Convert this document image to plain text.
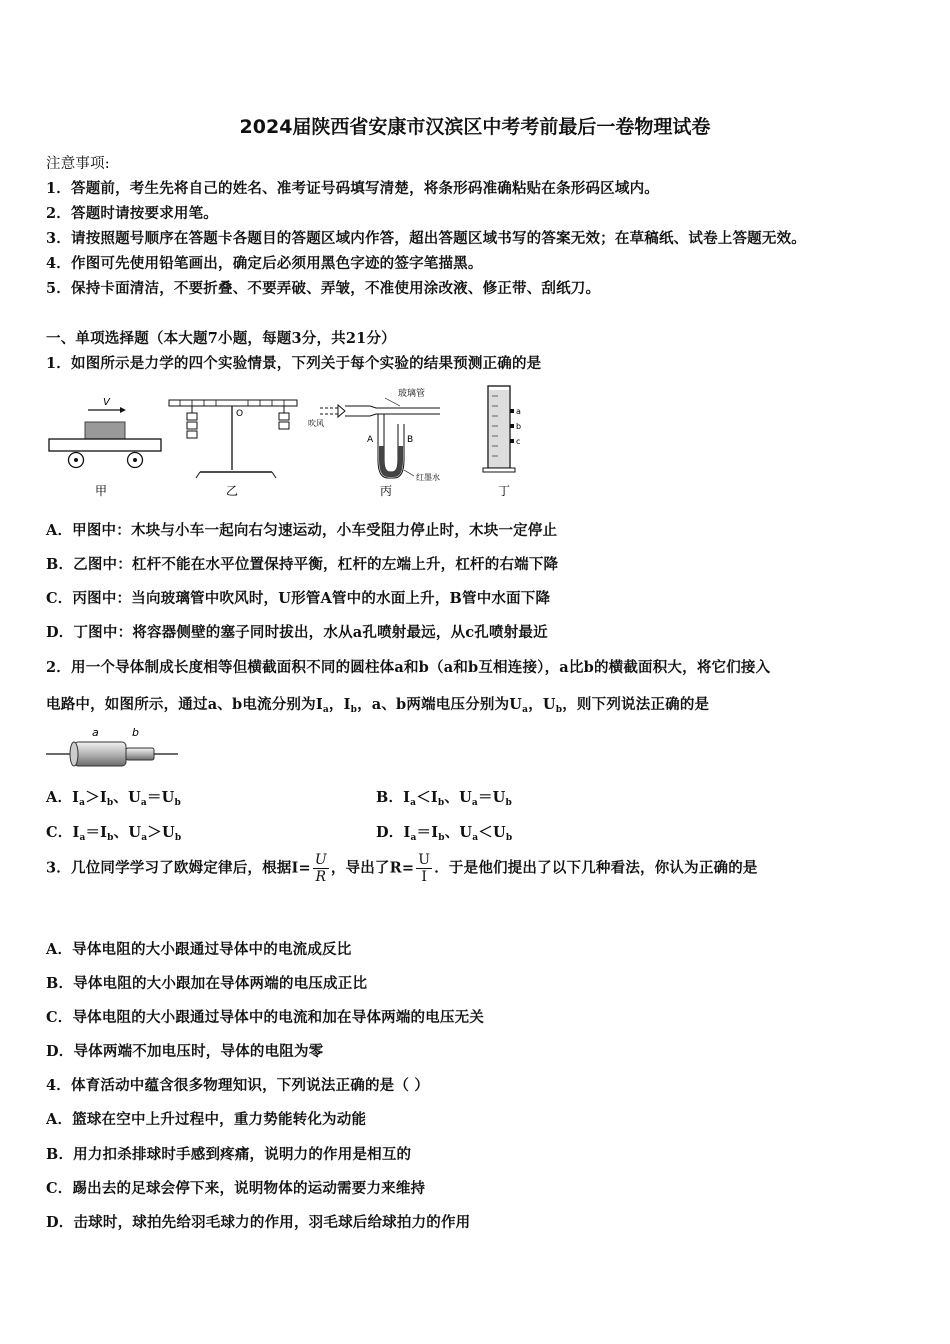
2024届陕西省安康市汉滨区中考考前最后一卷物理试卷
注意事项:
1．答题前，考生先将自己的姓名、准考证号码填写清楚，将条形码准确粘贴在条形码区域内。
2．答题时请按要求用笔。
3．请按照题号顺序在答题卡各题目的答题区域内作答，超出答题区域书写的答案无效；在草稿纸、试卷上答题无效。
4．作图可先使用铅笔画出，确定后必须用黑色字迹的签字笔描黑。
5．保持卡面清洁，不要折叠、不要弄破、弄皱，不准使用涂改液、修正带、刮纸刀。
一、单项选择题（本大题7小题，每题3分，共21分）
1．如图所示是力学的四个实验情景，下列关于每个实验的结果预测正确的是
V
甲
O
乙
吹风
玻璃管
A	B
红墨水
丙
a
b
c
丁
A．甲图中：木块与小车一起向右匀速运动，小车受阻力停止时，木块一定停止
B．乙图中：杠杆不能在水平位置保持平衡，杠杆的左端上升，杠杆的右端下降
C．丙图中：当向玻璃管中吹风时，U形管A管中的水面上升，B管中水面下降
D．丁图中：将容器侧壁的塞子同时拔出，水从a孔喷射最远，从c孔喷射最近
2．用一个导体制成长度相等但横截面积不同的圆柱体a和b（a和b互相连接），a比b的横截面积大，将它们接入
电路中，如图所示，通过a、b电流分别为$I_a$，$I_b$，a、b两端电压分别为$U_a$，$U_b$，则下列说法正确的是
a	b
A．$I_a>I_b$、$U_a=U_b$	B．$I_a<I_b$、$U_a=U_b$
C．$I_a=I_b$、$U_a>U_b$	D．$I_a=I_b$、$U_a<U_b$
3．几位同学学习了欧姆定律后，根据$I= \frac{U}{R}$ ，导出了$R= \frac{U}{I}$ ．于是他们提出了以下几种看法，你认为正确的是
A．导体电阻的大小跟通过导体中的电流成反比
B．导体电阻的大小跟加在导体两端的电压成正比
C．导体电阻的大小跟通过导体中的电流和加在导体两端的电压无关
D．导体两端不加电压时，导体的电阻为零
4．体育活动中蕴含很多物理知识，下列说法正确的是（ ）
A．篮球在空中上升过程中，重力势能转化为动能
B．用力扣杀排球时手感到疼痛，说明力的作用是相互的
C．踢出去的足球会停下来，说明物体的运动需要力来维持
D．击球时，球拍先给羽毛球力的作用，羽毛球后给球拍力的作用
